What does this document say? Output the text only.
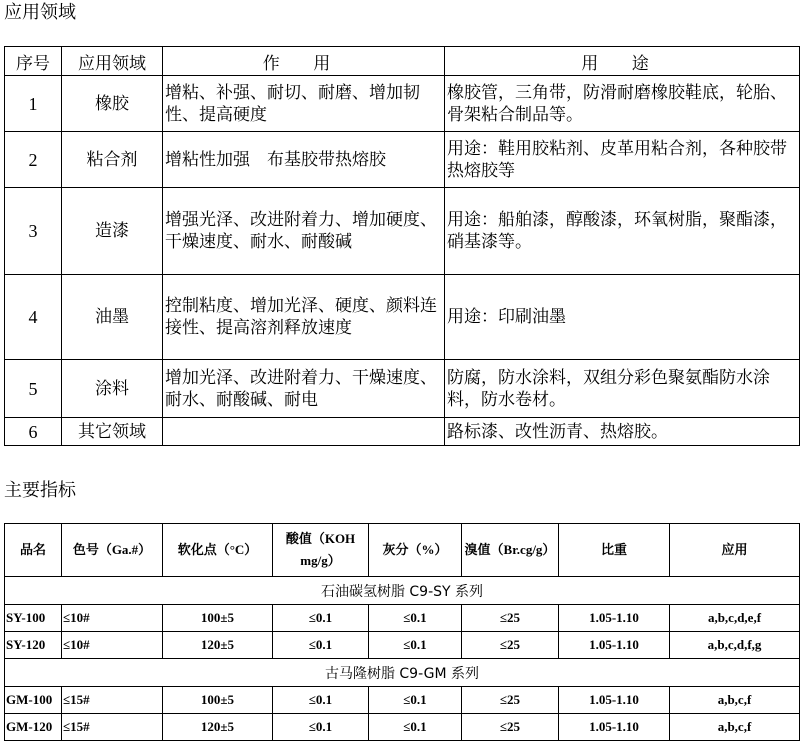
应用领域
序号	应用领域	作 用	用 途
1	橡胶	增粘、补强、耐切、耐磨、增加韧性、提高硬度	橡胶管，三角带，防滑耐磨橡胶鞋底，轮胎、骨架粘合制品等。
2	粘合剂	增粘性加强　布基胶带热熔胶	用途：鞋用胶粘剂、皮革用粘合剂，各种胶带热熔胶等
3	造漆	增强光泽、改进附着力、增加硬度、干燥速度、耐水、耐酸碱	用途：船舶漆，醇酸漆，环氧树脂，聚酯漆，硝基漆等。
4	油墨	控制粘度、增加光泽、硬度、颜料连接性、提高溶剂释放速度	用途：印刷油墨
5	涂料	增加光泽、改进附着力、干燥速度、耐水、耐酸碱、耐电	防腐，防水涂料，双组分彩色聚氨酯防水涂料，防水卷材。
6	其它领域		路标漆、改性沥青、热熔胶。
主要指标
品名	色号（Ga.#）	软化点（°C）	酸值（KOH mg/g）	灰分（%）	溴值（Br.cg/g）	比重	应用
石油碳氢树脂 C9-SY 系列							
SY-100	≤10#	100±5	≤0.1	≤0.1	≤25	1.05-1.10	a,b,c,d,e,f
SY-120	≤10#	120±5	≤0.1	≤0.1	≤25	1.05-1.10	a,b,c,d,f,g
古马隆树脂 C9-GM 系列							
GM-100	≤15#	100±5	≤0.1	≤0.1	≤25	1.05-1.10	a,b,c,f
GM-120	≤15#	120±5	≤0.1	≤0.1	≤25	1.05-1.10	a,b,c,f
